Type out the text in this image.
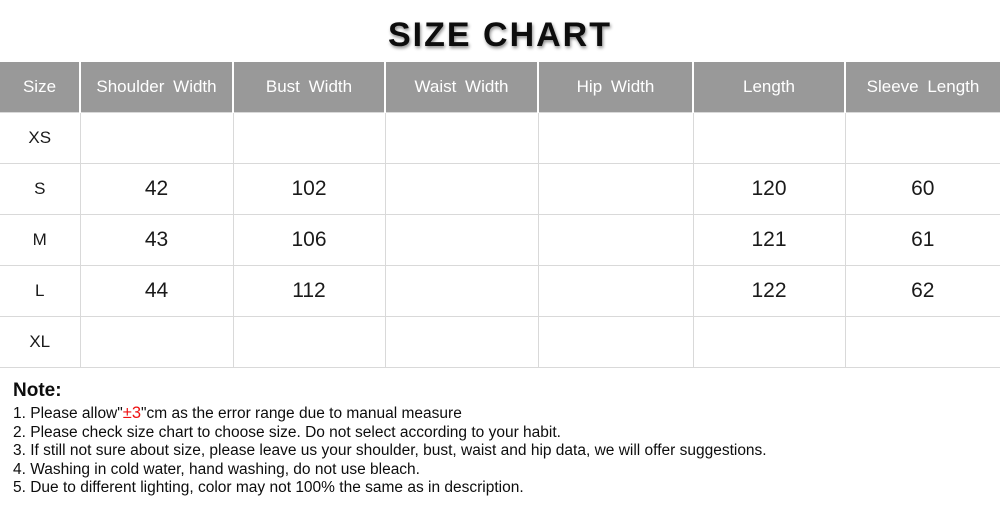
SIZE CHART
Size	Shoulder Width	Bust Width	Waist Width	Hip Width	Length	Sleeve Length
XS						
S	42	102			120	60
M	43	106			121	61
L	44	112			122	62
XL						

Note:

1. Please allow"±3"cm as the error range due to manual measure
2. Please check size chart to choose size. Do not select according to your habit.
3. If still not sure about size, please leave us your shoulder, bust, waist and hip data, we will offer suggestions.
4. Washing in cold water, hand washing, do not use bleach.
5. Due to different lighting, color may not 100% the same as in description.
